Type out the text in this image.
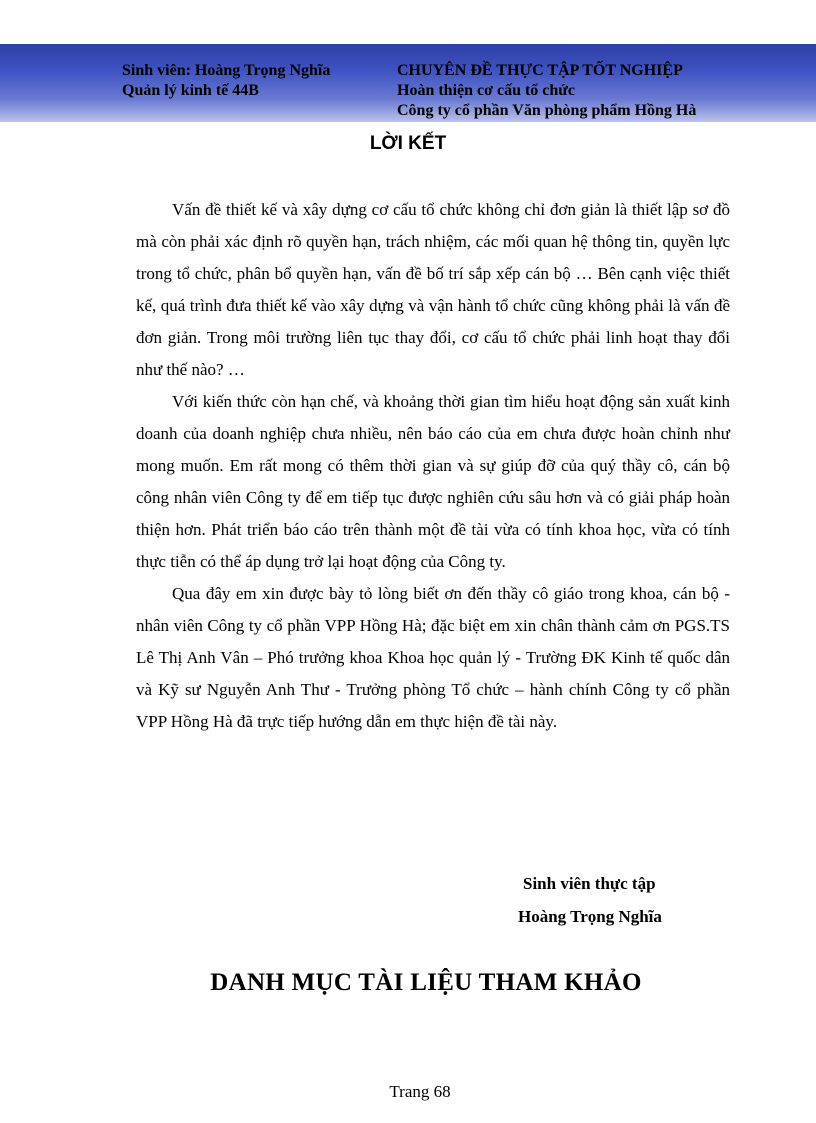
Sinh viên: Hoàng Trọng Nghĩa
Quản lý kinh tế 44B
CHUYÊN ĐỀ THỰC TẬP TỐT NGHIỆP
Hoàn thiện cơ cấu tổ chức
Công ty cổ phần Văn phòng phẩm Hồng Hà
LỜI KẾT

Vấn đề thiết kế và xây dựng cơ cấu tổ chức không chỉ đơn giản là thiết lập sơ đồ mà còn phải xác định rõ quyền hạn, trách nhiệm, các mối quan hệ thông tin, quyền lực trong tổ chức, phân bổ quyền hạn, vấn đề bố trí sắp xếp cán bộ … Bên cạnh việc thiết kế, quá trình đưa thiết kế vào xây dựng và vận hành tổ chức cũng không phải là vấn đề đơn giản. Trong môi trường liên tục thay đổi, cơ cấu tổ chức phải linh hoạt thay đổi như thế nào? …

Với kiến thức còn hạn chế, và khoảng thời gian tìm hiểu hoạt động sản xuất kinh doanh của doanh nghiệp chưa nhiều, nên báo cáo của em chưa được hoàn chỉnh như mong muốn. Em rất mong có thêm thời gian và sự giúp đỡ của quý thầy cô, cán bộ công nhân viên Công ty để em tiếp tục được nghiên cứu sâu hơn và có giải pháp hoàn thiện hơn. Phát triển báo cáo trên thành một đề tài vừa có tính khoa học, vừa có tính thực tiễn có thể áp dụng trở lại hoạt động của Công ty.

Qua đây em xin được bày tỏ lòng biết ơn đến thầy cô giáo trong khoa, cán bộ - nhân viên Công ty cổ phần VPP Hồng Hà; đặc biệt em xin chân thành cảm ơn PGS.TS Lê Thị Anh Vân – Phó trưởng khoa Khoa học quản lý - Trường ĐK Kinh tế quốc dân và Kỹ sư Nguyễn Anh Thư - Trưởng phòng Tổ chức – hành chính Công ty cổ phần VPP Hồng Hà đã trực tiếp hướng dẫn em thực hiện đề tài này.

Sinh viên thực tập
Hoàng Trọng Nghĩa
DANH MỤC TÀI LIỆU THAM KHẢO
Trang 68
